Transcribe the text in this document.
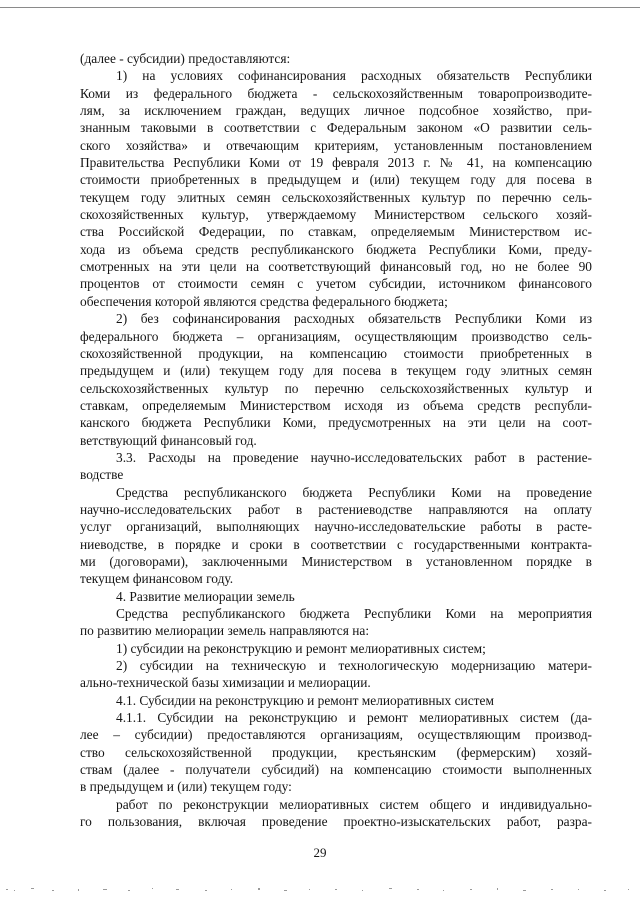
(далее - субсидии) предоставляются:
1) на условиях софинансирования расходных обязательств Республики
Коми из федерального бюджета - сельскохозяйственным товаропроизводите-
лям, за исключением граждан, ведущих личное подсобное хозяйство, при-
знанным таковыми в соответствии с Федеральным законом «О развитии сель-
ского хозяйства» и отвечающим критериям, установленным постановлением
Правительства Республики Коми от 19 февраля 2013 г. № 41, на компенсацию
стоимости приобретенных в предыдущем и (или) текущем году для посева в
текущем году элитных семян сельскохозяйственных культур по перечню сель-
скохозяйственных культур, утверждаемому Министерством сельского хозяй-
ства Российской Федерации, по ставкам, определяемым Министерством ис-
хода из объема средств республиканского бюджета Республики Коми, преду-
смотренных на эти цели на соответствующий финансовый год, но не более 90
процентов от стоимости семян с учетом субсидии, источником финансового
обеспечения которой являются средства федерального бюджета;
2) без софинансирования расходных обязательств Республики Коми из
федерального бюджета – организациям, осуществляющим производство сель-
скохозяйственной продукции, на компенсацию стоимости приобретенных в
предыдущем и (или) текущем году для посева в текущем году элитных семян
сельскохозяйственных культур по перечню сельскохозяйственных культур и
ставкам, определяемым Министерством исходя из объема средств республи-
канского бюджета Республики Коми, предусмотренных на эти цели на соот-
ветствующий финансовый год.
3.3. Расходы на проведение научно-исследовательских работ в растение-
водстве
Средства республиканского бюджета Республики Коми на проведение
научно-исследовательских работ в растениеводстве направляются на оплату
услуг организаций, выполняющих научно-исследовательские работы в расте-
ниеводстве, в порядке и сроки в соответствии с государственными контракта-
ми (договорами), заключенными Министерством в установленном порядке в
текущем финансовом году.
4. Развитие мелиорации земель
Средства республиканского бюджета Республики Коми на мероприятия
по развитию мелиорации земель направляются на:
1) субсидии на реконструкцию и ремонт мелиоративных систем;
2) субсидии на техническую и технологическую модернизацию матери-
ально-технической базы химизации и мелиорации.
4.1. Субсидии на реконструкцию и ремонт мелиоративных систем
4.1.1. Субсидии на реконструкцию и ремонт мелиоративных систем (да-
лее – субсидии) предоставляются организациям, осуществляющим производ-
ство сельскохозяйственной продукции, крестьянским (фермерским) хозяй-
ствам (далее - получатели субсидий) на компенсацию стоимости выполненных
в предыдущем и (или) текущем году:
работ по реконструкции мелиоративных систем общего и индивидуально-
го пользования, включая проведение проектно-изыскательских работ, разра-
29
